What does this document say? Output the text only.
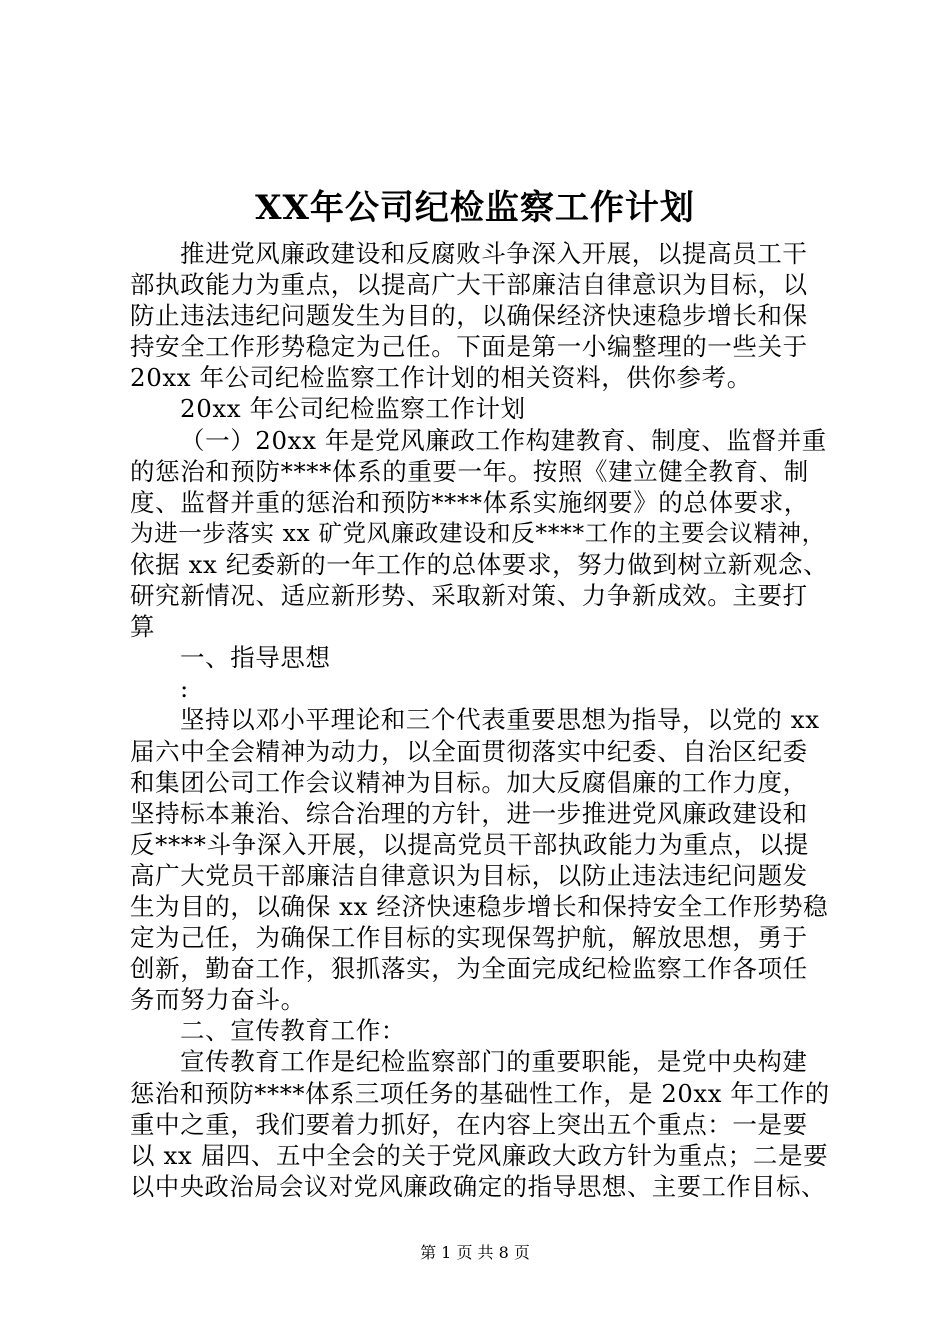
XX年公司纪检监察工作计划
推进党风廉政建设和反腐败斗争深入开展，以提高员工干
部执政能力为重点，以提高广大干部廉洁自律意识为目标，以
防止违法违纪问题发生为目的，以确保经济快速稳步增长和保
持安全工作形势稳定为己任。下面是第一小编整理的一些关于
20xx 年公司纪检监察工作计划的相关资料，供你参考。
20xx 年公司纪检监察工作计划
（一）20xx 年是党风廉政工作构建教育、制度、监督并重
的惩治和预防****体系的重要一年。按照《建立健全教育、制
度、监督并重的惩治和预防****体系实施纲要》的总体要求，
为进一步落实 xx 矿党风廉政建设和反****工作的主要会议精神，
依据 xx 纪委新的一年工作的总体要求，努力做到树立新观念、
研究新情况、适应新形势、采取新对策、力争新成效。主要打
算
一、指导思想
:
坚持以邓小平理论和三个代表重要思想为指导，以党的 xx
届六中全会精神为动力，以全面贯彻落实中纪委、自治区纪委
和集团公司工作会议精神为目标。加大反腐倡廉的工作力度，
坚持标本兼治、综合治理的方针，进一步推进党风廉政建设和
反****斗争深入开展，以提高党员干部执政能力为重点，以提
高广大党员干部廉洁自律意识为目标，以防止违法违纪问题发
生为目的，以确保 xx 经济快速稳步增长和保持安全工作形势稳
定为己任，为确保工作目标的实现保驾护航，解放思想，勇于
创新，勤奋工作，狠抓落实，为全面完成纪检监察工作各项任
务而努力奋斗。
二、宣传教育工作：
宣传教育工作是纪检监察部门的重要职能，是党中央构建
惩治和预防****体系三项任务的基础性工作，是 20xx 年工作的
重中之重，我们要着力抓好，在内容上突出五个重点：一是要
以 xx 届四、五中全会的关于党风廉政大政方针为重点；二是要
以中央政治局会议对党风廉政确定的指导思想、主要工作目标、
第 1 页 共 8 页
